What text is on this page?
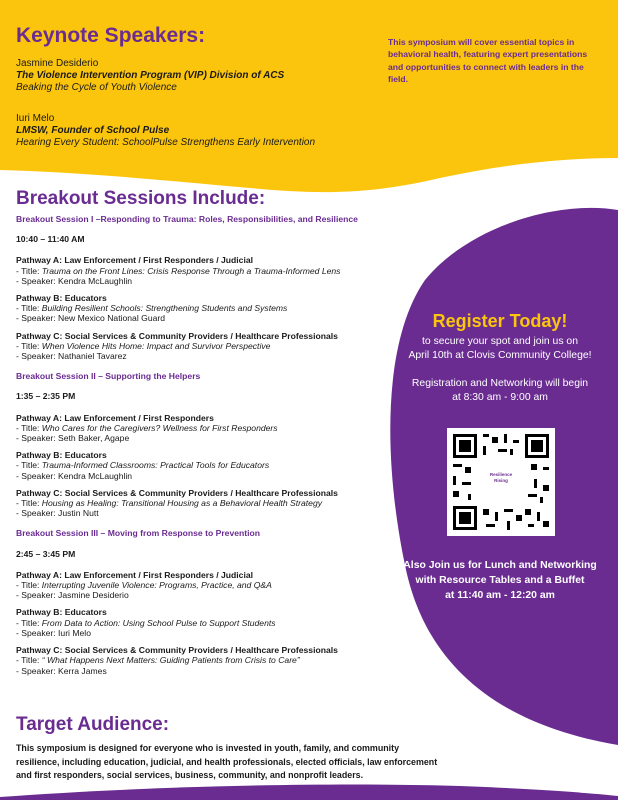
Keynote Speakers:
Jasmine Desiderio
The Violence Intervention Program (VIP) Division of ACS
Beaking the Cycle of Youth Violence
Iuri Melo
LMSW, Founder of School Pulse
Hearing Every Student: SchoolPulse Strengthens Early Intervention
This symposium will cover essential topics in behavioral health, featuring expert presentations and opportunities to connect with leaders in the field.
Breakout Sessions Include:
Breakout Session I –Responding to Trauma: Roles, Responsibilities, and Resilience
10:40 – 11:40 AM
Pathway A: Law Enforcement / First Responders / Judicial
- Title: Trauma on the Front Lines: Crisis Response Through a Trauma-Informed Lens
- Speaker: Kendra McLaughlin
Pathway B: Educators
- Title: Building Resilient Schools: Strengthening Students and Systems
- Speaker: New Mexico National Guard
Pathway C: Social Services & Community Providers / Healthcare Professionals
- Title: When Violence Hits Home: Impact and Survivor Perspective
- Speaker: Nathaniel Tavarez
Breakout Session II – Supporting the Helpers
1:35 – 2:35 PM
Pathway A: Law Enforcement / First Responders
- Title: Who Cares for the Caregivers? Wellness for First Responders
- Speaker: Seth Baker, Agape
Pathway B: Educators
- Title: Trauma-Informed Classrooms: Practical Tools for Educators
- Speaker: Kendra McLaughlin
Pathway C: Social Services & Community Providers / Healthcare Professionals
- Title: Housing as Healing: Transitional Housing as a Behavioral Health Strategy
- Speaker: Justin Nutt
Breakout Session III – Moving from Response to Prevention
2:45 – 3:45 PM
Pathway A: Law Enforcement / First Responders / Judicial
- Title: Interrupting Juvenile Violence: Programs, Practice, and Q&A
- Speaker: Jasmine Desiderio
Pathway B: Educators
- Title: From Data to Action: Using School Pulse to Support Students
- Speaker: Iuri Melo
Pathway C: Social Services & Community Providers / Healthcare Professionals
- Title: “ What Happens Next Matters: Guiding Patients from Crisis to Care”
- Speaker: Kerra James
Register Today!
to secure your spot and join us on
April 10th at Clovis Community College!
Registration and Networking will begin
at 8:30 am - 9:00 am
Resilience Rising
Also Join us for Lunch and Networking
with Resource Tables and a Buffet
at 11:40 am - 12:20 am
Target Audience:
This symposium is designed for everyone who is invested in youth, family, and community
resilience, including education, judicial, and health professionals, elected officials, law enforcement
and first responders, social services, business, community, and nonprofit leaders.
